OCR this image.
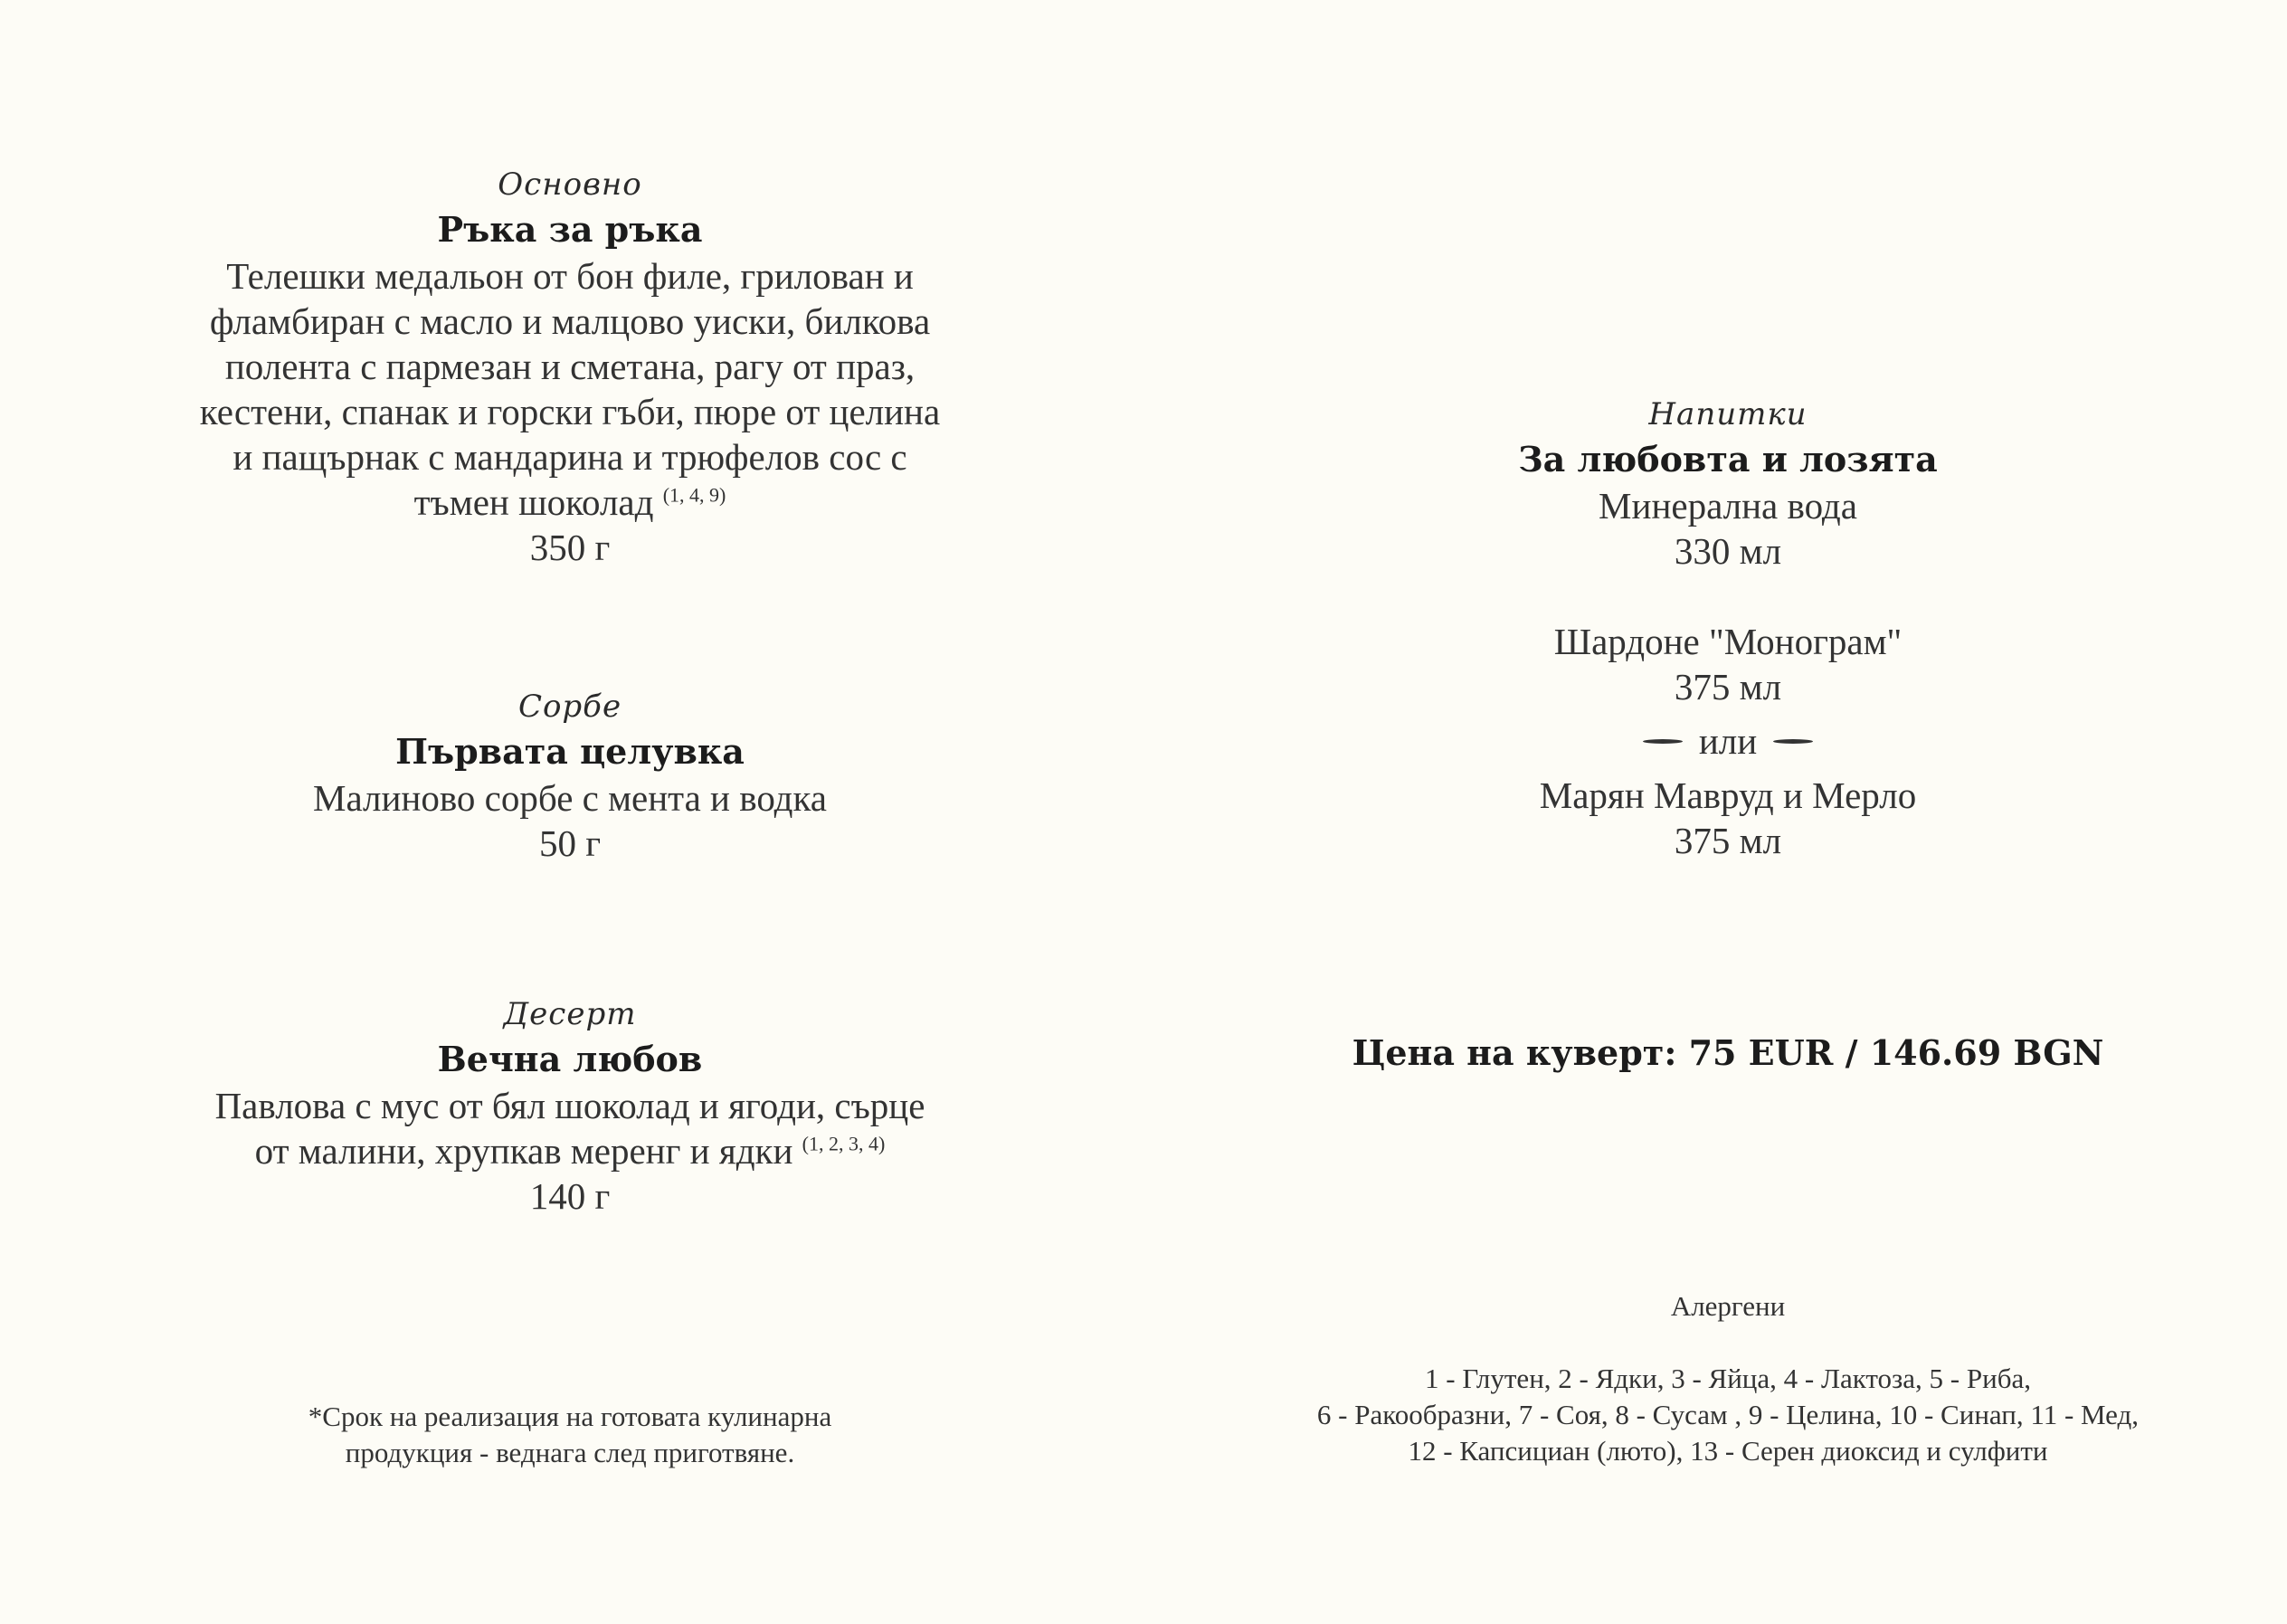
Основно
Ръка за ръка
Телешки медальон от бон филе, грилован и
фламбиран с масло и малцово уиски, билкова
полента с пармезан и сметана, рагу от праз,
кестени, спанак и горски гъби, пюре от целина
и пащърнак с мандарина и трюфелов сос с
тъмен шоколад $^{(1, 4, 9)}$
350 г
Сорбе
Първата целувка
Малиново сорбе с мента и водка
50 г
Десерт
Вечна любов
Павлова с мус от бял шоколад и ягоди, сърце
от малини, хрупкав меренг и ядки $^{(1, 2, 3, 4)}$
140 г
*Срок на реализация на готовата кулинарна
продукция - веднага след приготвяне.
Напитки
За любовта и лозята
Минерална вода
330 мл
Шардоне "Монограм"
375 мл
или
Марян Мавруд и Мерло
375 мл
Цена на куверт: 75 EUR / 146.69 BGN
Алергени
1 - Глутен, 2 - Ядки, 3 - Яйца, 4 - Лактоза, 5 - Риба,
6 - Ракообразни, 7 - Соя, 8 - Сусам , 9 - Целина, 10 - Синап, 11 - Мед,
12 - Капсициан (люто), 13 - Серен диоксид и сулфити
